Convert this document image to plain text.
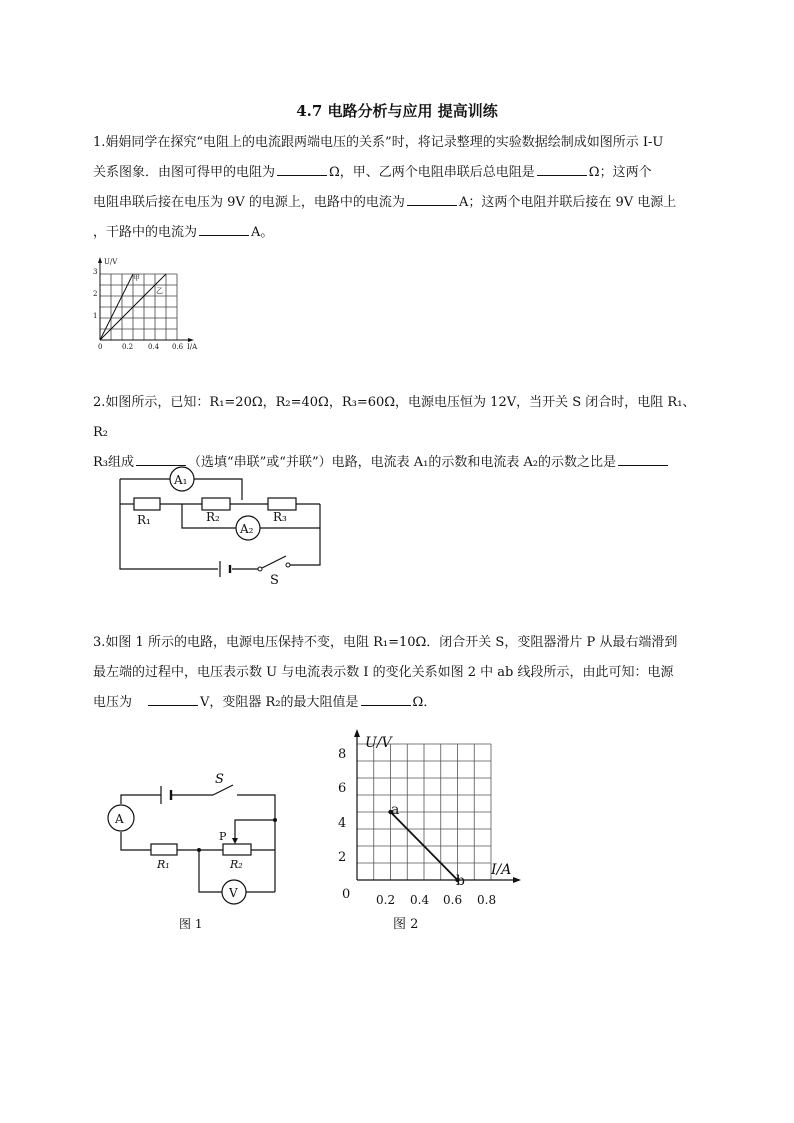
4.7 电路分析与应用 提高训练
1.娟娟同学在探究“电阻上的电流跟两端电压的关系”时，将记录整理的实验数据绘制成如图所示 I-U
关系图象．由图可得甲的电阻为	Ω，甲、乙两个电阻串联后总电阻是	Ω；这两个
电阻串联后接在电压为 9V 的电源上，电路中的电流为	A；这两个电阻并联后接在 9V 电源上
，干路中的电流为	A。
U/V
I/A
3
2
1
0	0.2 0.4 0.6
甲
乙
2.如图所示，已知：R₁=20Ω，R₂=40Ω，R₃=60Ω，电源电压恒为 12V，当开关 S 闭合时，电阻 R₁、R₂
R₃组成	（选填“串联”或“并联”）电路，电流表 A₁的示数和电流表 A₂的示数之比是
A₁
A₂
R₁	R₂	R₃
S
3.如图 1 所示的电路，电源电压保持不变，电阻 R₁=10Ω．闭合开关 S，变阻器滑片 P 从最右端滑到
最左端的过程中，电压表示数 U 与电流表示数 I 的变化关系如图 2 中 ab 线段所示，由此可知：电源
电压为	V，变阻器 R₂的最大阻值是	Ω．
A
V
S
P
R₁	R₂
图 1
U/V
I/A
8
6
4
2
0 0.2 0.4 0.6 0.8
a
b
图 2
